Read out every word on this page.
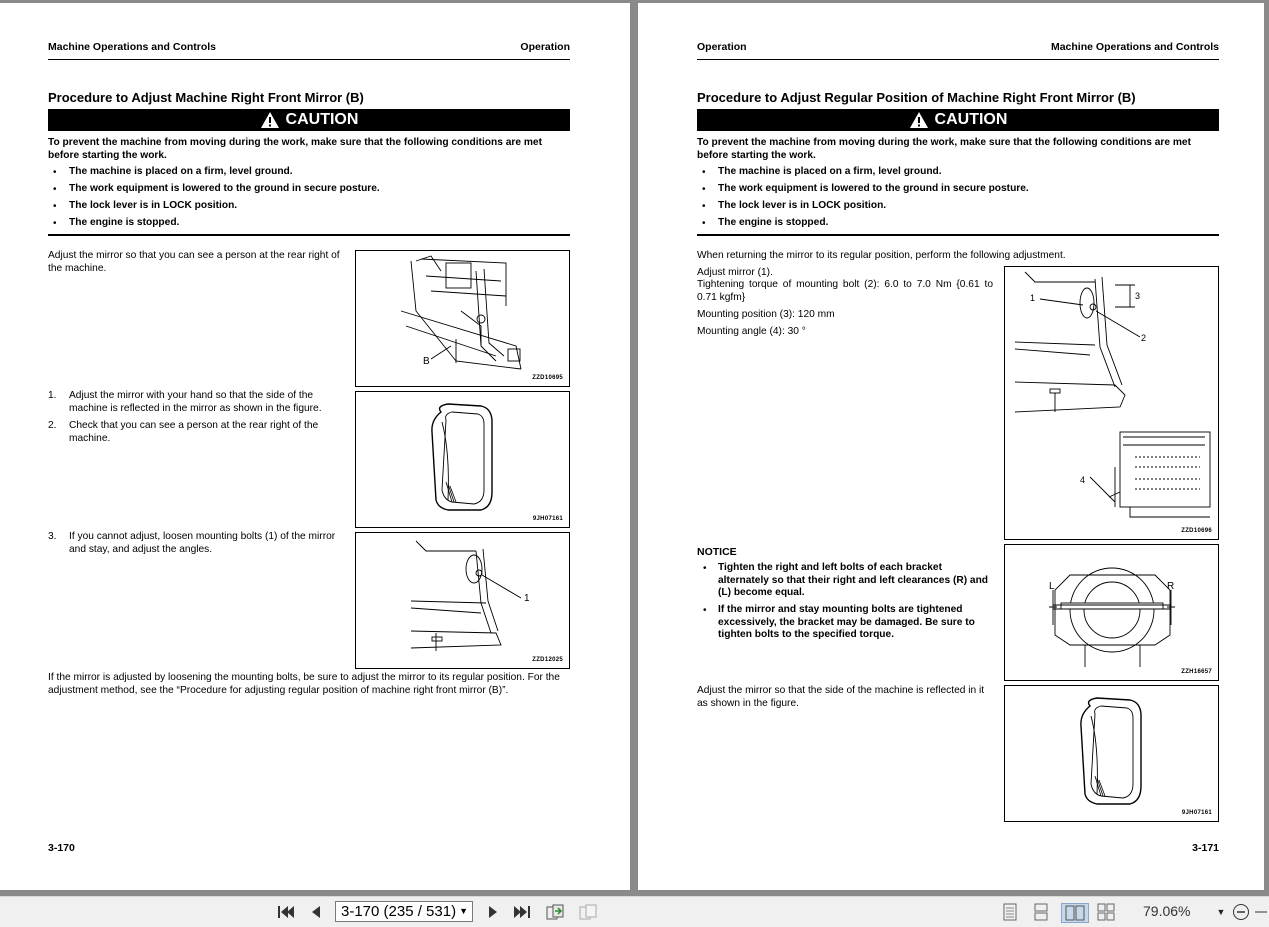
Machine Operations and Controls	Operation
Procedure to Adjust Machine Right Front Mirror (B)
CAUTION
To prevent the machine from moving during the work, make sure that the following conditions are met before starting the work.
• The machine is placed on a firm, level ground.
• The work equipment is lowered to the ground in secure posture.
• The lock lever is in LOCK position.
• The engine is stopped.
Adjust the mirror so that you can see a person at the rear right of the machine.
1. Adjust the mirror with your hand so that the side of the machine is reflected in the mirror as shown in the figure.
2. Check that you can see a person at the rear right of the machine.
3. If you cannot adjust, loosen mounting bolts (1) of the mirror and stay, and adjust the angles.
B
ZZD10695
9JH07161
1
ZZD12025
If the mirror is adjusted by loosening the mounting bolts, be sure to adjust the mirror to its regular position. For the adjustment method, see the “Procedure for adjusting regular position of machine right front mirror (B)”.
3-170
Operation	Machine Operations and Controls
Procedure to Adjust Regular Position of Machine Right Front Mirror (B)
CAUTION
To prevent the machine from moving during the work, make sure that the following conditions are met before starting the work.
• The machine is placed on a firm, level ground.
• The work equipment is lowered to the ground in secure posture.
• The lock lever is in LOCK position.
• The engine is stopped.
When returning the mirror to its regular position, perform the following adjustment.
Adjust mirror (1).
Tightening torque of mounting bolt (2): 6.0 to 7.0 Nm {0.61 to 0.71 kgfm}
Mounting position (3): 120 mm
Mounting angle (4): 30 °
NOTICE
• Tighten the right and left bolts of each bracket alternately so that their right and left clearances (R) and (L) become equal.
• If the mirror and stay mounting bolts are tightened excessively, the bracket may be damaged. Be sure to tighten bolts to the specified torque.
Adjust the mirror so that the side of the machine is reflected in it as shown in the figure.
1
2
3
4
ZZD10696
L	R
ZZH16657
9JH07161
3-171
3-170 (235 / 531) ▼	79.06%	▼
